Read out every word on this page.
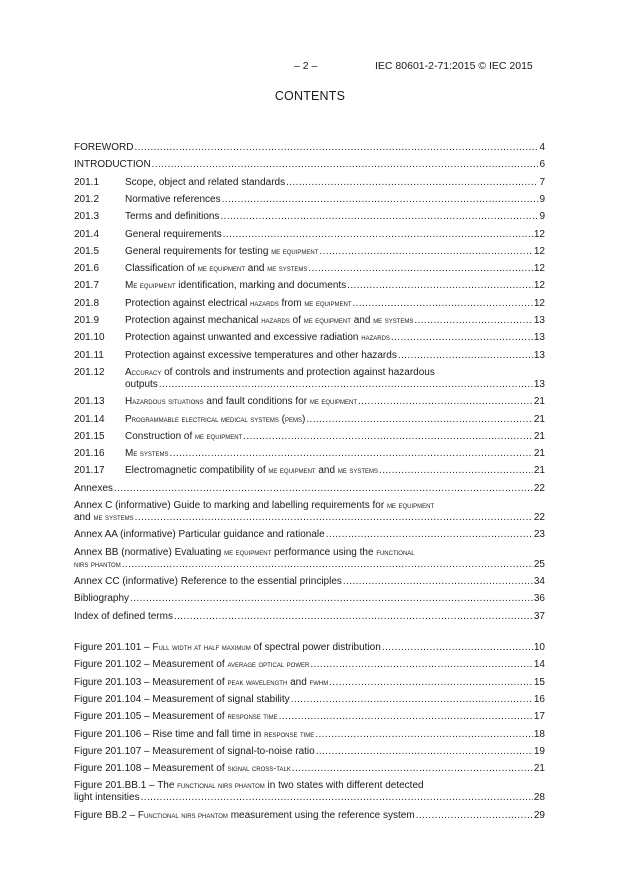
– 2 –	IEC 80601-2-71:2015 © IEC 2015
CONTENTS
FOREWORD .....	4
INTRODUCTION .....	6
201.1	Scope, object and related standards .....	7
201.2	Normative references .....	9
201.3	Terms and definitions .....	9
201.4	General requirements .....	12
201.5	General requirements for testing me equipment .....	12
201.6	Classification of me equipment and me systems .....	12
201.7	Me equipment identification, marking and documents .....	12
201.8	Protection against electrical hazards from me equipment .....	12
201.9	Protection against mechanical hazards of me equipment and me systems .....	13
201.10	Protection against unwanted and excessive radiation hazards .....	13
201.11	Protection against excessive temperatures and other hazards .....	13
201.12	Accuracy of controls and instruments and protection against hazardous
outputs .....	13
201.13	Hazardous situations and fault conditions for me equipment .....	21
201.14	Programmable electrical medical systems (pems) .....	21
201.15	Construction of me equipment .....	21
201.16	Me systems .....	21
201.17	Electromagnetic compatibility of me equipment and me systems .....	21
Annexes .....	22
Annex C (informative) Guide to marking and labelling requirements for me equipment
and me systems .....	22
Annex AA (informative) Particular guidance and rationale .....	23
Annex BB (normative) Evaluating me equipment performance using the functional
nirs phantom .....	25
Annex CC (informative) Reference to the essential principles .....	34
Bibliography .....	36
Index of defined terms .....	37
Figure 201.101 – Full width at half maximum of spectral power distribution .....	10
Figure 201.102 – Measurement of average optical power .....	14
Figure 201.103 – Measurement of peak wavelength and fwhm .....	15
Figure 201.104 – Measurement of signal stability .....	16
Figure 201.105 – Measurement of response time .....	17
Figure 201.106 – Rise time and fall time in response time .....	18
Figure 201.107 – Measurement of signal-to-noise ratio .....	19
Figure 201.108 – Measurement of signal cross-talk .....	21
Figure 201.BB.1 – The functional nirs phantom in two states with different detected
light intensities .....	28
Figure BB.2 – Functional nirs phantom measurement using the reference system .....	29
